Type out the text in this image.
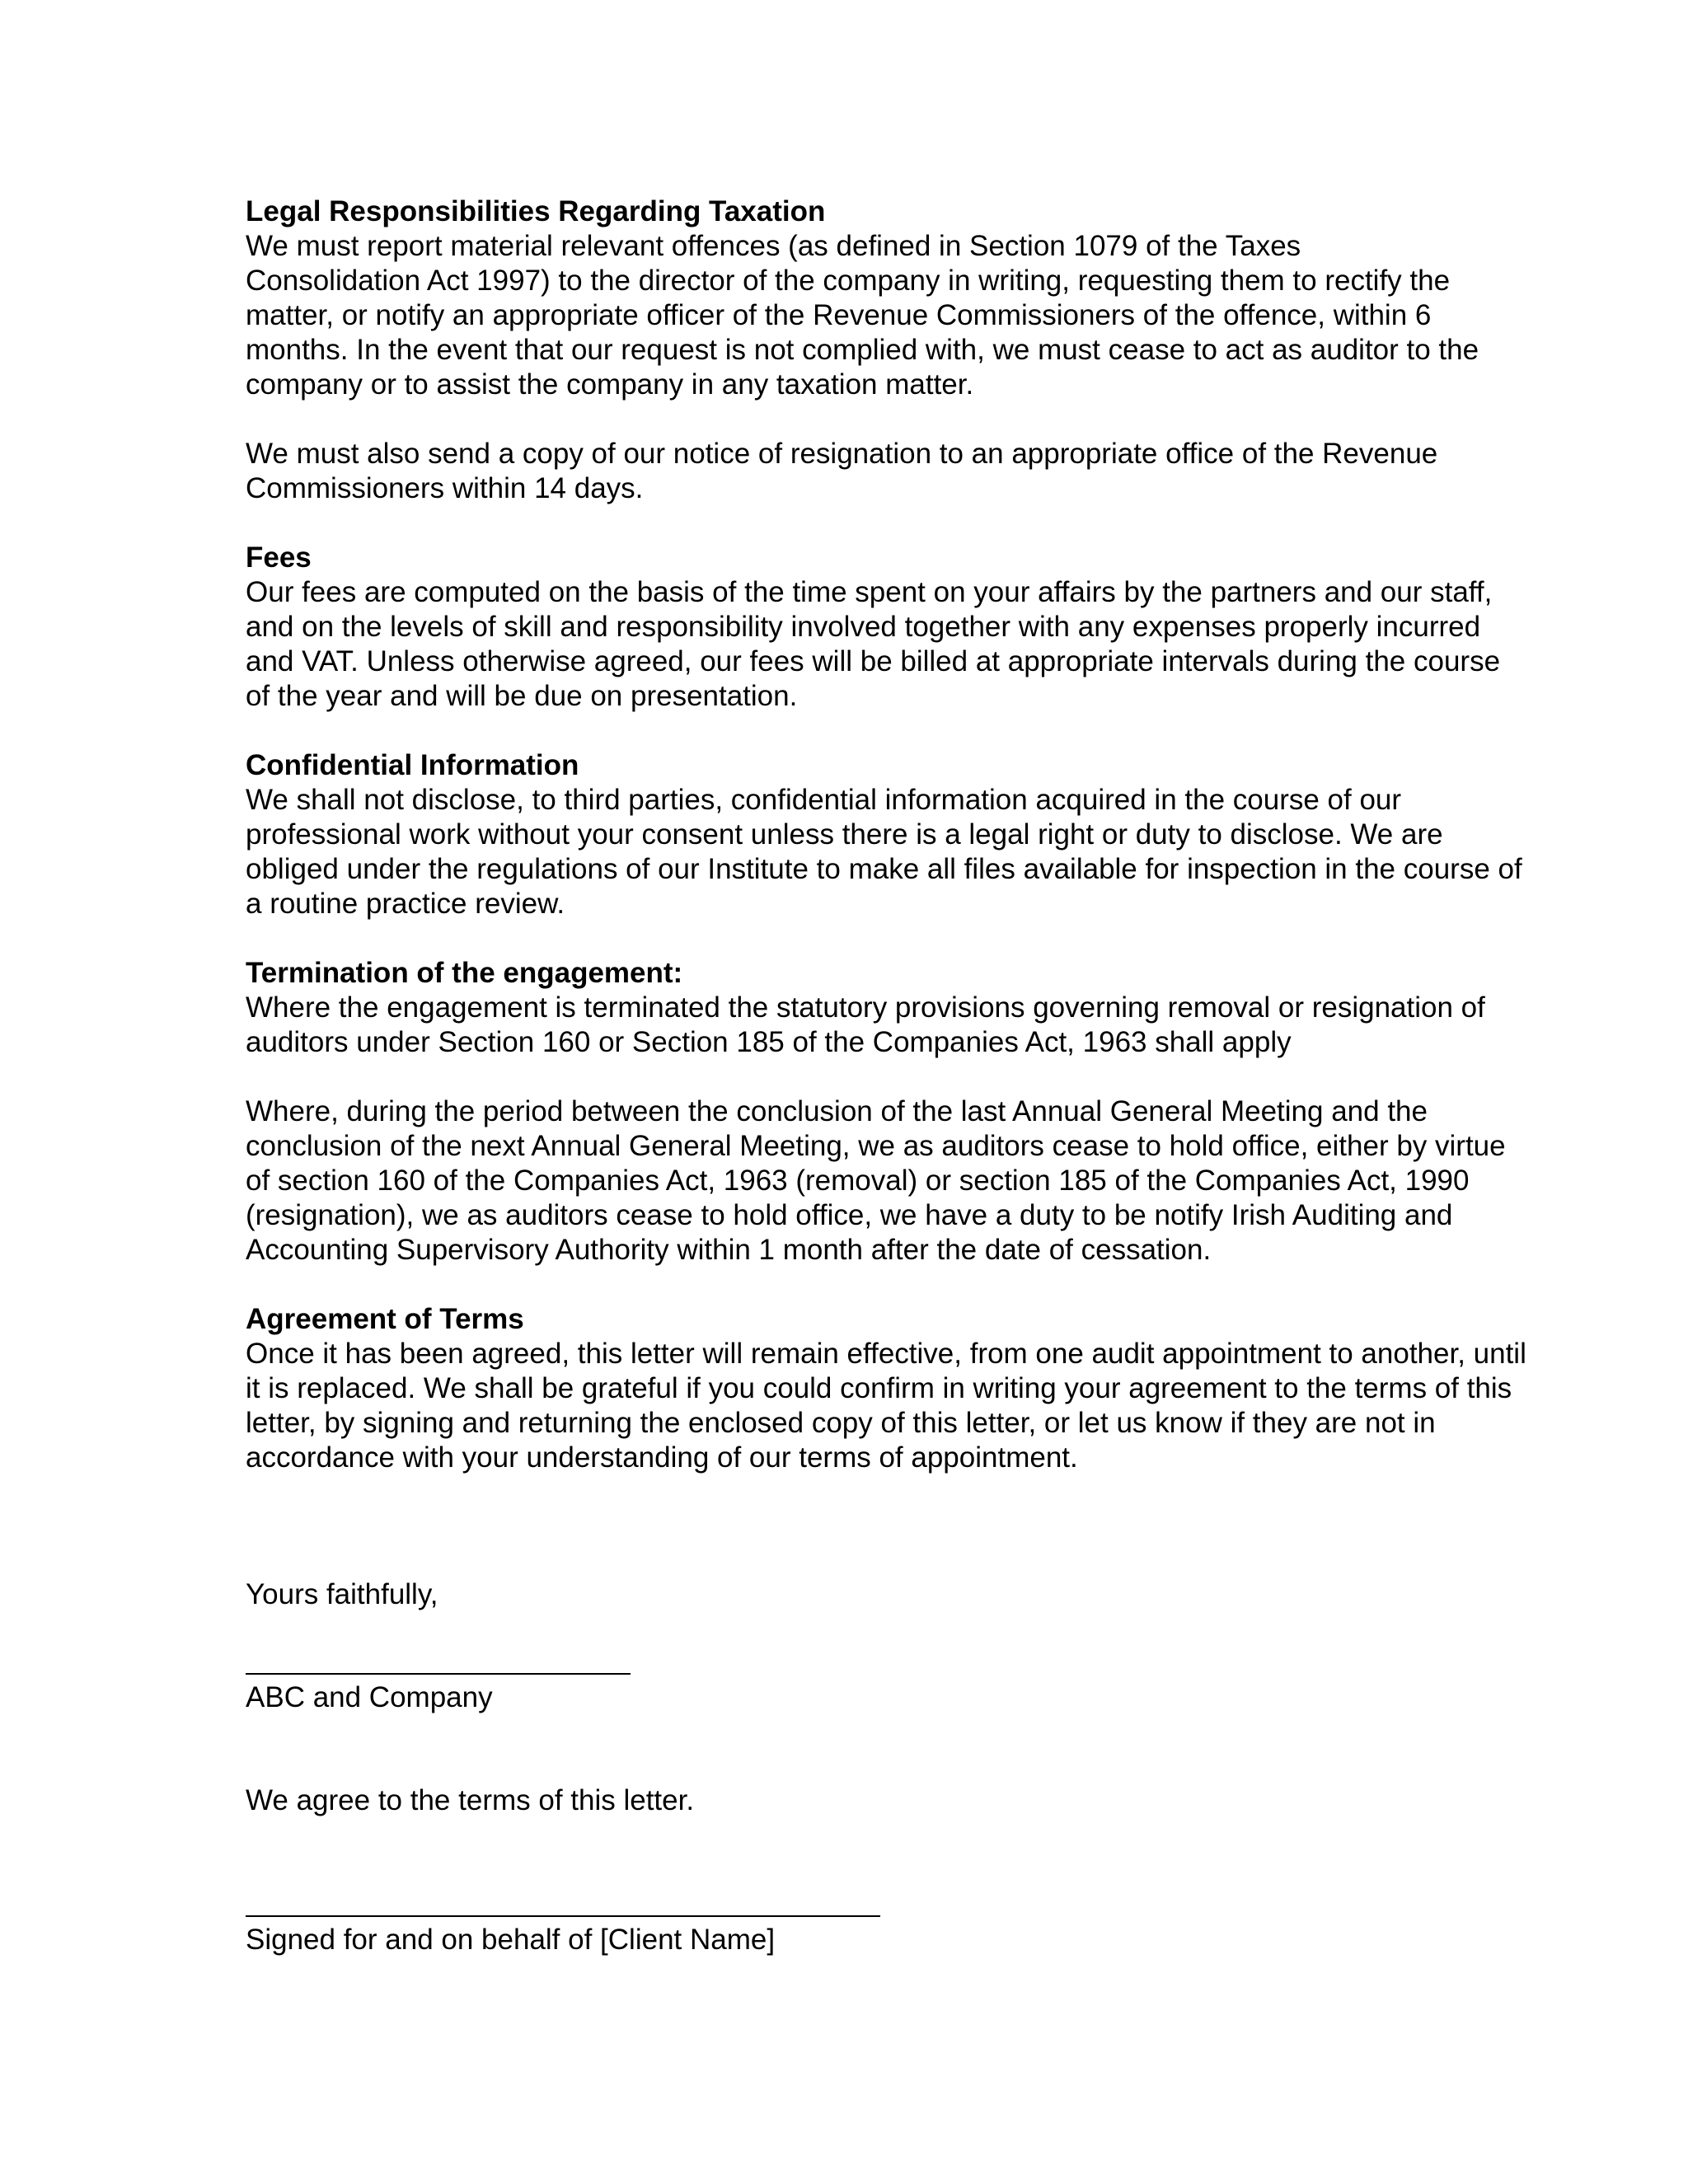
Legal Responsibilities Regarding Taxation

We must report material relevant offences (as defined in Section 1079 of the Taxes
Consolidation Act 1997) to the director of the company in writing, requesting them to rectify the
matter, or notify an appropriate officer of the Revenue Commissioners of the offence, within 6
months. In the event that our request is not complied with, we must cease to act as auditor to the
company or to assist the company in any taxation matter.

We must also send a copy of our notice of resignation to an appropriate office of the Revenue
Commissioners within 14 days.

Fees

Our fees are computed on the basis of the time spent on your affairs by the partners and our staff,
and on the levels of skill and responsibility involved together with any expenses properly incurred
and VAT. Unless otherwise agreed, our fees will be billed at appropriate intervals during the course
of the year and will be due on presentation.

Confidential Information

We shall not disclose, to third parties, confidential information acquired in the course of our
professional work without your consent unless there is a legal right or duty to disclose. We are
obliged under the regulations of our Institute to make all files available for inspection in the course of
a routine practice review.

Termination of the engagement:

Where the engagement is terminated the statutory provisions governing removal or resignation of
auditors under Section 160 or Section 185 of the Companies Act, 1963 shall apply

Where, during the period between the conclusion of the last Annual General Meeting and the
conclusion of the next Annual General Meeting, we as auditors cease to hold office, either by virtue
of section 160 of the Companies Act, 1963 (removal) or section 185 of the Companies Act, 1990
(resignation), we as auditors cease to hold office, we have a duty to be notify Irish Auditing and
Accounting Supervisory Authority within 1 month after the date of cessation.

Agreement of Terms

Once it has been agreed, this letter will remain effective, from one audit appointment to another, until
it is replaced. We shall be grateful if you could confirm in writing your agreement to the terms of this
letter, by signing and returning the enclosed copy of this letter, or let us know if they are not in
accordance with your understanding of our terms of appointment.

Yours faithfully,
ABC and Company
We agree to the terms of this letter.
Signed for and on behalf of [Client Name]
